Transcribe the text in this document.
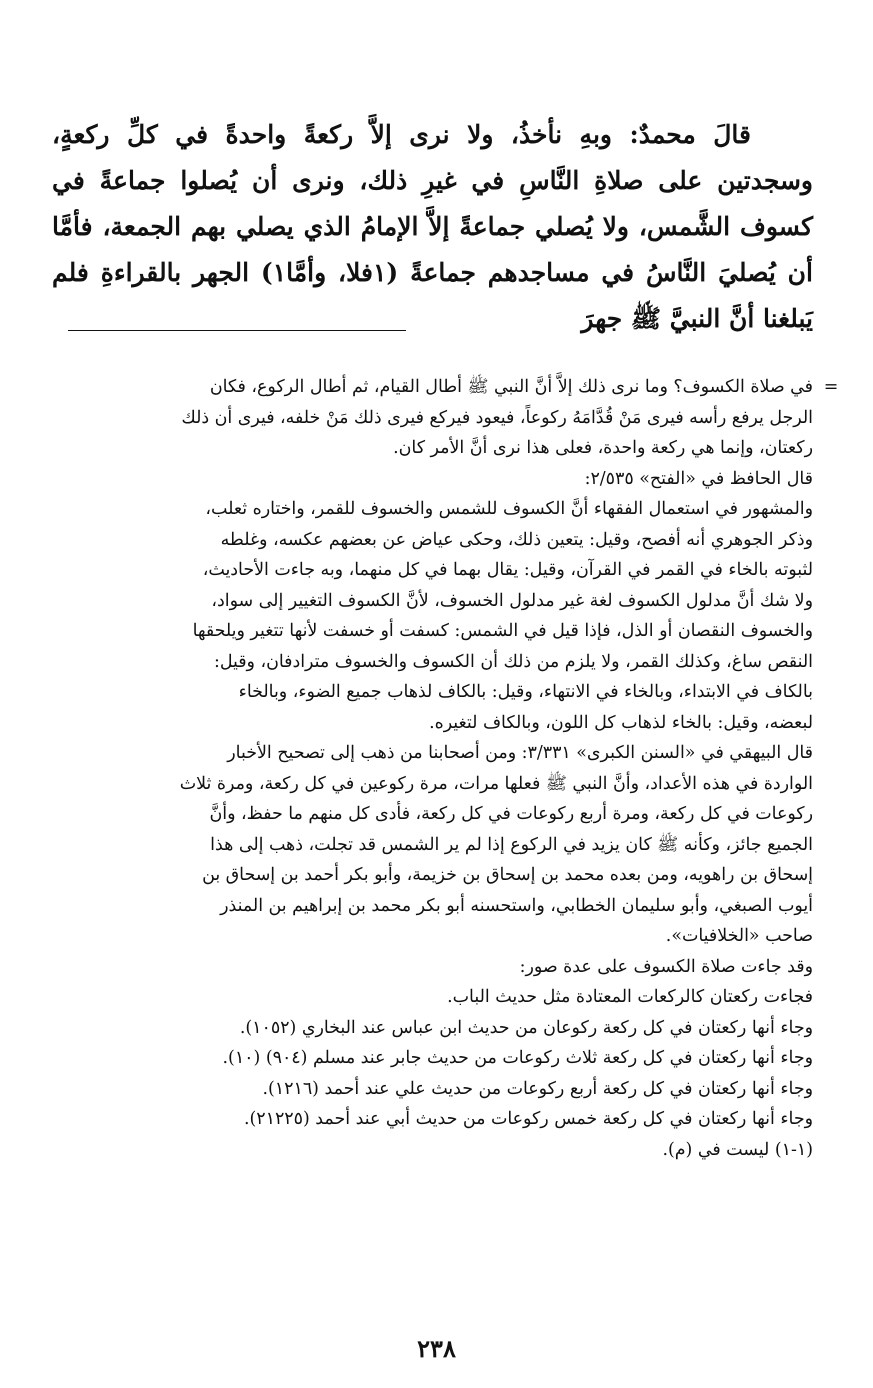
قالَ محمدٌ: وبهِ نأخذُ، ولا نرى إلاَّ ركعةً واحدةً في كلِّ ركعةٍ، وسجدتين على صلاةِ النَّاسِ في غيرِ ذلك، ونرى أن يُصلوا جماعةً في كسوف الشَّمس، ولا يُصلي جماعةً إلاَّ الإمامُ الذي يصلي بهم الجمعة، فأمَّا أن يُصليَ النَّاسُ في مساجدهم جماعةً (١فلا، وأمَّا١) الجهر بالقراءةِ فلم يَبلغنا أنَّ النبيَّ ﷺ جهرَ

=
في صلاة الكسوف؟ وما نرى ذلك إلاَّ أنَّ النبي ﷺ أطال القيام، ثم أطال الركوع، فكان
الرجل يرفع رأسه فيرى مَنْ قُدَّامَهُ ركوعاً، فيعود فيركع فيرى ذلك مَنْ خلفه، فيرى أن ذلك
ركعتان، وإنما هي ركعة واحدة، فعلى هذا نرى أنَّ الأمر كان.
قال الحافظ في «الفتح» ٢/٥٣٥:
والمشهور في استعمال الفقهاء أنَّ الكسوف للشمس والخسوف للقمر، واختاره ثعلب،
وذكر الجوهري أنه أفصح، وقيل: يتعين ذلك، وحكى عياض عن بعضهم عكسه، وغلطه
لثبوته بالخاء في القمر في القرآن، وقيل: يقال بهما في كل منهما، وبه جاءت الأحاديث،
ولا شك أنَّ مدلول الكسوف لغة غير مدلول الخسوف، لأنَّ الكسوف التغيير إلى سواد،
والخسوف النقصان أو الذل، فإذا قيل في الشمس: كسفت أو خسفت لأنها تتغير ويلحقها
النقص ساغ، وكذلك القمر، ولا يلزم من ذلك أن الكسوف والخسوف مترادفان، وقيل:
بالكاف في الابتداء، وبالخاء في الانتهاء، وقيل: بالكاف لذهاب جميع الضوء، وبالخاء
لبعضه، وقيل: بالخاء لذهاب كل اللون، وبالكاف لتغيره.
قال البيهقي في «السنن الكبرى» ٣/٣٣١: ومن أصحابنا من ذهب إلى تصحيح الأخبار
الواردة في هذه الأعداد، وأنَّ النبي ﷺ فعلها مرات، مرة ركوعين في كل ركعة، ومرة ثلاث
ركوعات في كل ركعة، ومرة أربع ركوعات في كل ركعة، فأدى كل منهم ما حفظ، وأنَّ
الجميع جائز، وكأنه ﷺ كان يزيد في الركوع إذا لم ير الشمس قد تجلت، ذهب إلى هذا
إسحاق بن راهويه، ومن بعده محمد بن إسحاق بن خزيمة، وأبو بكر أحمد بن إسحاق بن
أيوب الصبغي، وأبو سليمان الخطابي، واستحسنه أبو بكر محمد بن إبراهيم بن المنذر
صاحب «الخلافيات».
وقد جاءت صلاة الكسوف على عدة صور:
فجاءت ركعتان كالركعات المعتادة مثل حديث الباب.
وجاء أنها ركعتان في كل ركعة ركوعان من حديث ابن عباس عند البخاري (١٠٥٢).
وجاء أنها ركعتان في كل ركعة ثلاث ركوعات من حديث جابر عند مسلم (٩٠٤) (١٠).
وجاء أنها ركعتان في كل ركعة أربع ركوعات من حديث علي عند أحمد (١٢١٦).
وجاء أنها ركعتان في كل ركعة خمس ركوعات من حديث أبي عند أحمد (٢١٢٢٥).
(١-١) ليست في (م).
٢٣٨
